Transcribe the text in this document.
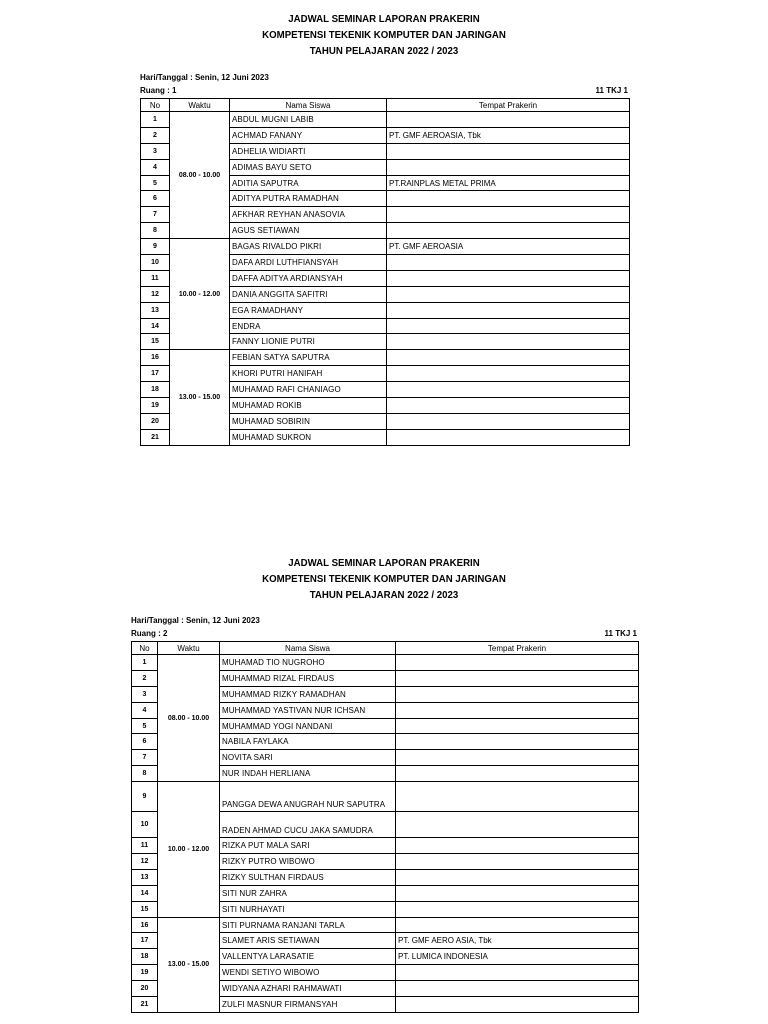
JADWAL SEMINAR LAPORAN PRAKERIN
KOMPETENSI TEKENIK KOMPUTER DAN JARINGAN
TAHUN PELAJARAN 2022 / 2023
Hari/Tanggal : Senin, 12 Juni 2023
Ruang : 1	11 TKJ 1
No	Waktu	Nama Siswa	Tempat Prakerin
1	08.00 - 10.00	ABDUL MUGNI LABIB	
2		ACHMAD FANANY	PT. GMF AEROASIA, Tbk
3		ADHELIA WIDIARTI	
4		ADIMAS BAYU SETO	
5		ADITIA SAPUTRA	PT.RAINPLAS METAL PRIMA
6		ADITYA PUTRA RAMADHAN	
7		AFKHAR REYHAN ANASOVIA	
8		AGUS SETIAWAN	
9	10.00 - 12.00	BAGAS RIVALDO PIKRI	PT. GMF AEROASIA
10		DAFA ARDI LUTHFIANSYAH	
11		DAFFA ADITYA ARDIANSYAH	
12		DANIA ANGGITA SAFITRI	
13		EGA RAMADHANY	
14		ENDRA	
15		FANNY LIONIE PUTRI	
16	13.00 - 15.00	FEBIAN SATYA SAPUTRA	
17		KHORI PUTRI HANIFAH	
18		MUHAMAD RAFI CHANIAGO	
19		MUHAMAD ROKIB	
20		MUHAMAD SOBIRIN	
21		MUHAMAD SUKRON	
JADWAL SEMINAR LAPORAN PRAKERIN
KOMPETENSI TEKENIK KOMPUTER DAN JARINGAN
TAHUN PELAJARAN 2022 / 2023
Hari/Tanggal : Senin, 12 Juni 2023
Ruang : 2	11 TKJ 1
No	Waktu	Nama Siswa	Tempat Prakerin
1	08.00 - 10.00	MUHAMAD TIO NUGROHO	
2		MUHAMMAD RIZAL FIRDAUS	
3		MUHAMMAD RIZKY RAMADHAN	
4		MUHAMMAD YASTIVAN NUR ICHSAN	
5		MUHAMMAD YOGI NANDANI	
6		NABILA FAYLAKA	
7		NOVITA SARI	
8		NUR INDAH HERLIANA	
9	10.00 - 12.00	PANGGA DEWA ANUGRAH NUR SAPUTRA	
10		RADEN AHMAD CUCU JAKA SAMUDRA	
11		RIZKA PUT MALA SARI	
12		RIZKY PUTRO WIBOWO	
13		RIZKY SULTHAN FIRDAUS	
14		SITI NUR ZAHRA	
15		SITI NURHAYATI	
16	13.00 - 15.00	SITI PURNAMA RANJANI TARLA	
17		SLAMET ARIS SETIAWAN	PT. GMF AERO ASIA, Tbk
18		VALLENTYA LARASATIE	PT. LUMICA INDONESIA
19		WENDI SETIYO WIBOWO	
20		WIDYANA AZHARI RAHMAWATI	
21		ZULFI MASNUR FIRMANSYAH	
